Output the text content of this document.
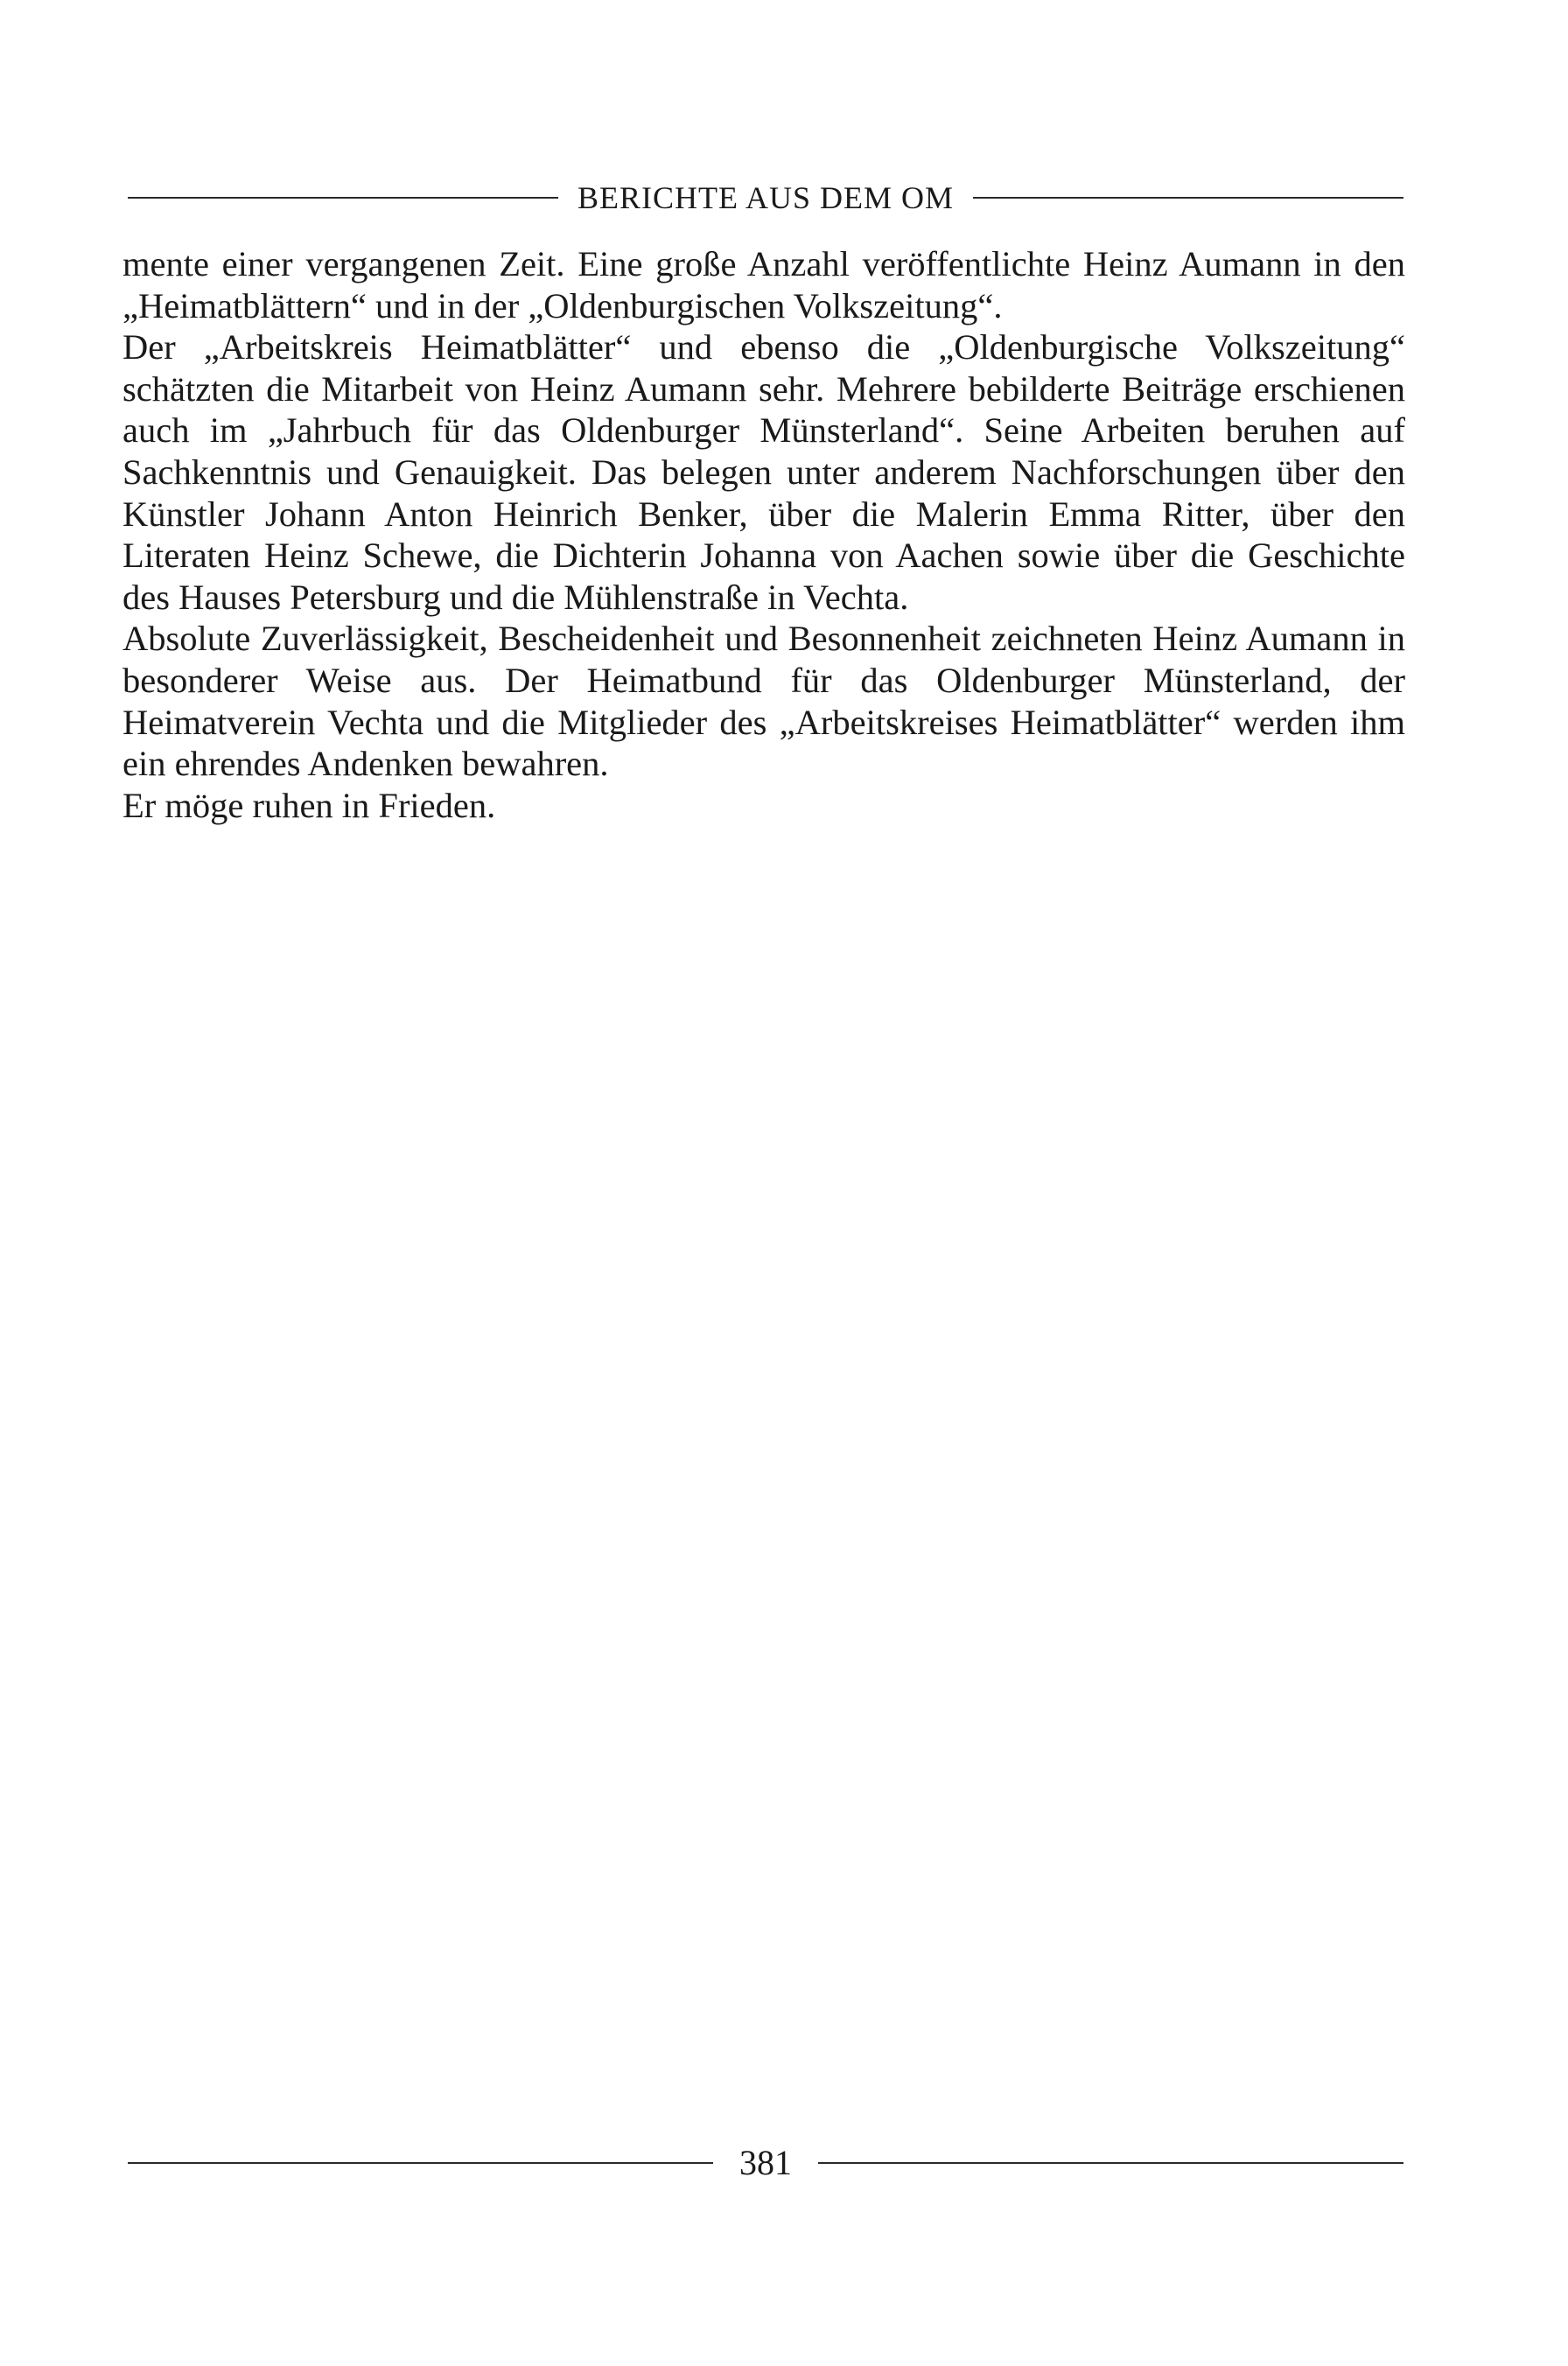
BERICHTE AUS DEM OM

mente einer vergangenen Zeit. Eine große Anzahl veröffentlichte Heinz Aumann in den „Heimatblättern“ und in der „Oldenburgischen Volkszeitung“.

Der „Arbeitskreis Heimatblätter“ und ebenso die „Oldenburgische Volkszeitung“ schätzten die Mitarbeit von Heinz Aumann sehr. Mehrere bebilderte Beiträge erschienen auch im „Jahrbuch für das Oldenburger Münsterland“. Seine Arbeiten beruhen auf Sachkenntnis und Genauigkeit. Das belegen unter anderem Nachforschungen über den Künstler Johann Anton Heinrich Benker, über die Malerin Emma Ritter, über den Literaten Heinz Schewe, die Dichterin Johanna von Aachen sowie über die Geschichte des Hauses Petersburg und die Mühlenstraße in Vechta.

Absolute Zuverlässigkeit, Bescheidenheit und Besonnenheit zeichneten Heinz Aumann in besonderer Weise aus. Der Heimatbund für das Oldenburger Münsterland, der Heimatverein Vechta und die Mitglieder des „Arbeitskreises Heimatblätter“ werden ihm ein ehrendes Andenken bewahren.

Er möge ruhen in Frieden.

381
